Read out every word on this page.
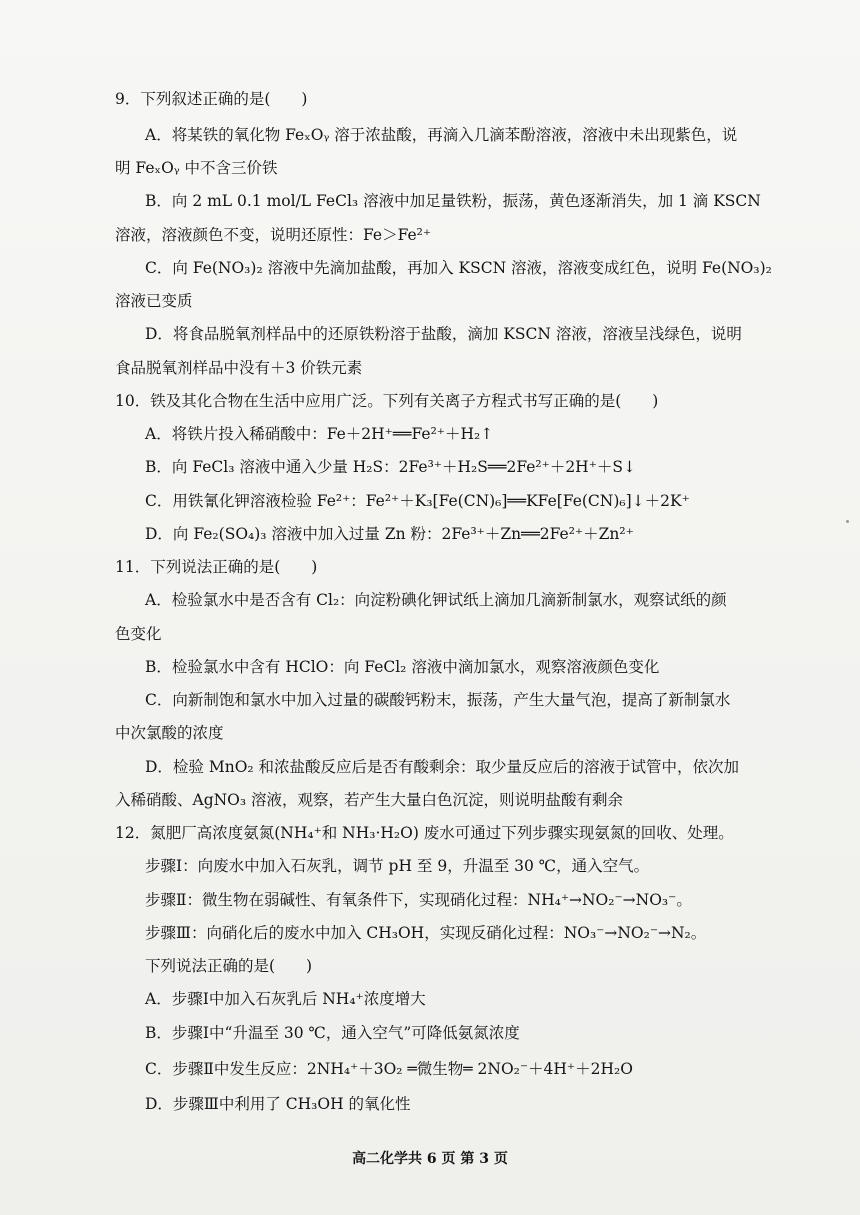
9．下列叙述正确的是(　　)
A．将某铁的氧化物 FeₓOᵧ 溶于浓盐酸，再滴入几滴苯酚溶液，溶液中未出现紫色，说
明 FeₓOᵧ 中不含三价铁
B．向 2 mL 0.1 mol/L FeCl₃ 溶液中加足量铁粉，振荡，黄色逐渐消失，加 1 滴 KSCN
溶液，溶液颜色不变，说明还原性：Fe＞Fe²⁺
C．向 Fe(NO₃)₂ 溶液中先滴加盐酸，再加入 KSCN 溶液，溶液变成红色，说明 Fe(NO₃)₂
溶液已变质
D．将食品脱氧剂样品中的还原铁粉溶于盐酸，滴加 KSCN 溶液，溶液呈浅绿色，说明
食品脱氧剂样品中没有＋3 价铁元素
10．铁及其化合物在生活中应用广泛。下列有关离子方程式书写正确的是(　　)
A．将铁片投入稀硝酸中：Fe＋2H⁺══Fe²⁺＋H₂↑
B．向 FeCl₃ 溶液中通入少量 H₂S：2Fe³⁺＋H₂S══2Fe²⁺＋2H⁺＋S↓
C．用铁氰化钾溶液检验 Fe²⁺：Fe²⁺＋K₃[Fe(CN)₆]══KFe[Fe(CN)₆]↓＋2K⁺
D．向 Fe₂(SO₄)₃ 溶液中加入过量 Zn 粉：2Fe³⁺＋Zn══2Fe²⁺＋Zn²⁺
11．下列说法正确的是(　　)
A．检验氯水中是否含有 Cl₂：向淀粉碘化钾试纸上滴加几滴新制氯水，观察试纸的颜
色变化
B．检验氯水中含有 HClO：向 FeCl₂ 溶液中滴加氯水，观察溶液颜色变化
C．向新制饱和氯水中加入过量的碳酸钙粉末，振荡，产生大量气泡，提高了新制氯水
中次氯酸的浓度
D．检验 MnO₂ 和浓盐酸反应后是否有酸剩余：取少量反应后的溶液于试管中，依次加
入稀硝酸、AgNO₃ 溶液，观察，若产生大量白色沉淀，则说明盐酸有剩余
12．氮肥厂高浓度氨氮(NH₄⁺和 NH₃·H₂O) 废水可通过下列步骤实现氨氮的回收、处理。
步骤Ⅰ：向废水中加入石灰乳，调节 pH 至 9，升温至 30 ℃，通入空气。
步骤Ⅱ：微生物在弱碱性、有氧条件下，实现硝化过程：NH₄⁺→NO₂⁻→NO₃⁻。
步骤Ⅲ：向硝化后的废水中加入 CH₃OH，实现反硝化过程：NO₃⁻→NO₂⁻→N₂。
下列说法正确的是(　　)
A．步骤Ⅰ中加入石灰乳后 NH₄⁺浓度增大
B．步骤Ⅰ中“升温至 30 ℃，通入空气”可降低氨氮浓度
C．步骤Ⅱ中发生反应：2NH₄⁺＋3O₂ ═微生物═ 2NO₂⁻＋4H⁺＋2H₂O
D．步骤Ⅲ中利用了 CH₃OH 的氧化性
高二化学共 6 页 第 3 页
